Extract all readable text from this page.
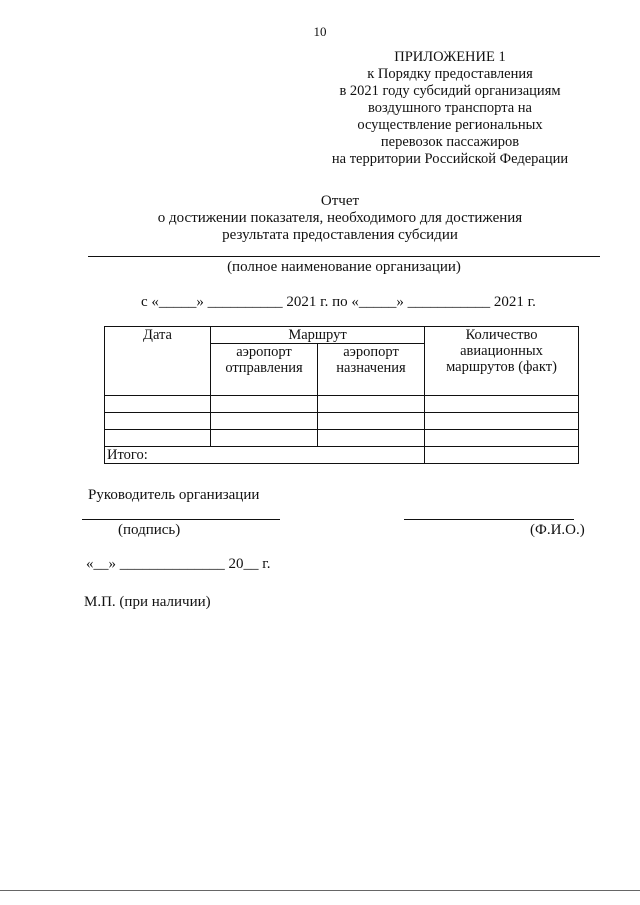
10
ПРИЛОЖЕНИЕ 1
к Порядку предоставления
в 2021 году субсидий организациям
воздушного транспорта на
осуществление региональных
перевозок пассажиров
на территории Российской Федерации
Отчет
о достижении показателя, необходимого для достижения
результата предоставления субсидии
(полное наименование организации)
с «_____» __________ 2021 г. по «_____» ___________ 2021 г.
Дата	Маршрут		Количество авиационных маршрутов (факт)
	аэропорт отправления	аэропорт назначения	

Итого:			
Руководитель организации
(подпись)	(Ф.И.О.)
«__» ______________ 20__ г.
М.П. (при наличии)
